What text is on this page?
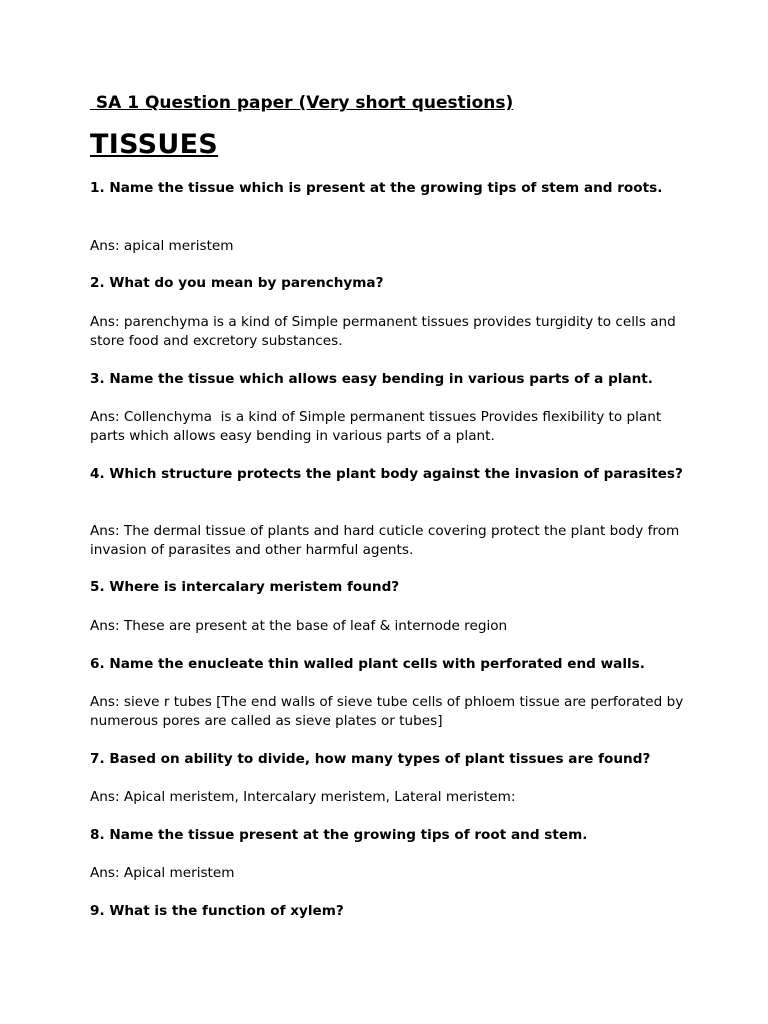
SA 1 Question paper (Very short questions)
TISSUES
1. Name the tissue which is present at the growing tips of stem and roots.
Ans: apical meristem
2. What do you mean by parenchyma?
Ans: parenchyma is a kind of Simple permanent tissues provides turgidity to cells and store food and excretory substances.
3. Name the tissue which allows easy bending in various parts of a plant.
Ans: Collenchyma  is a kind of Simple permanent tissues Provides flexibility to plant parts which allows easy bending in various parts of a plant.
4. Which structure protects the plant body against the invasion of parasites?
Ans: The dermal tissue of plants and hard cuticle covering protect the plant body from invasion of parasites and other harmful agents.
5. Where is intercalary meristem found?
Ans: These are present at the base of leaf & internode region
6. Name the enucleate thin walled plant cells with perforated end walls.
Ans: sieve r tubes [The end walls of sieve tube cells of phloem tissue are perforated by numerous pores are called as sieve plates or tubes]
7. Based on ability to divide, how many types of plant tissues are found?
Ans: Apical meristem, Intercalary meristem, Lateral meristem:
8. Name the tissue present at the growing tips of root and stem.
Ans: Apical meristem
9. What is the function of xylem?
